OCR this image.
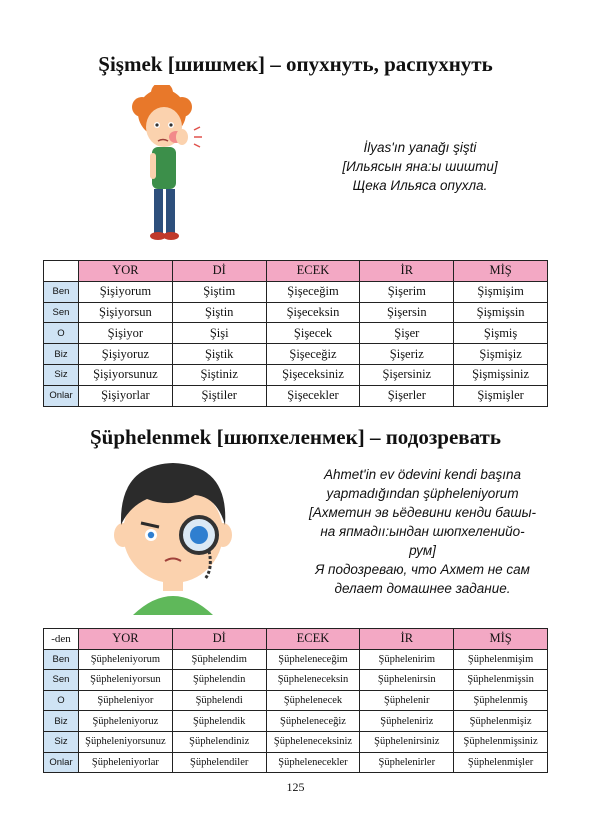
Şişmek [шишмек] – опухнуть, распухнуть
İlyas'ın yanağı şişti
[Ильясын яна:ы шишти]
Щека Ильяса опухла.
	YOR	Dİ	ECEK	İR	MİŞ
Ben	Şişiyorum	Şiştim	Şişeceğim	Şişerim	Şişmişim
Sen	Şişiyorsun	Şiştin	Şişeceksin	Şişersin	Şişmişsin
O	Şişiyor	Şişi	Şişecek	Şişer	Şişmiş
Biz	Şişiyoruz	Şiştik	Şişeceğiz	Şişeriz	Şişmişiz
Siz	Şişiyorsunuz	Şiştiniz	Şişeceksiniz	Şişersiniz	Şişmişsiniz
Onlar	Şişiyorlar	Şiştiler	Şişecekler	Şişerler	Şişmişler
Şüphelenmek [шюпхеленмек] – подозревать
Ahmet'in ev ödevini kendi başına
yapmadığından şüpheleniyorum
[Ахметин эв ьёдевини кенди башы-
на япмадıı:ындан шюпхеленийо-
рум]
Я подозреваю, что Ахмет не сам
делает домашнее задание.
-den	YOR	Dİ	ECEK	İR	MİŞ
Ben	Şüpheleniyorum	Şüphelendim	Şüpheleneceğim	Şüphelenirim	Şüphelenmişim
Sen	Şüpheleniyorsun	Şüphelendin	Şüpheleneceksin	Şüphelenirsin	Şüphelenmişsin
O	Şüpheleniyor	Şüphelendi	Şüphelenecek	Şüphelenir	Şüphelenmiş
Biz	Şüpheleniyoruz	Şüphelendik	Şüpheleneceğiz	Şüpheleniriz	Şüphelenmişiz
Siz	Şüpheleniyorsunuz	Şüphelendiniz	Şüpheleneceksiniz	Şüphelenirsiniz	Şüphelenmişsiniz
Onlar	Şüpheleniyorlar	Şüphelendiler	Şüphelenecekler	Şüphelenirler	Şüphelenmişler
125
